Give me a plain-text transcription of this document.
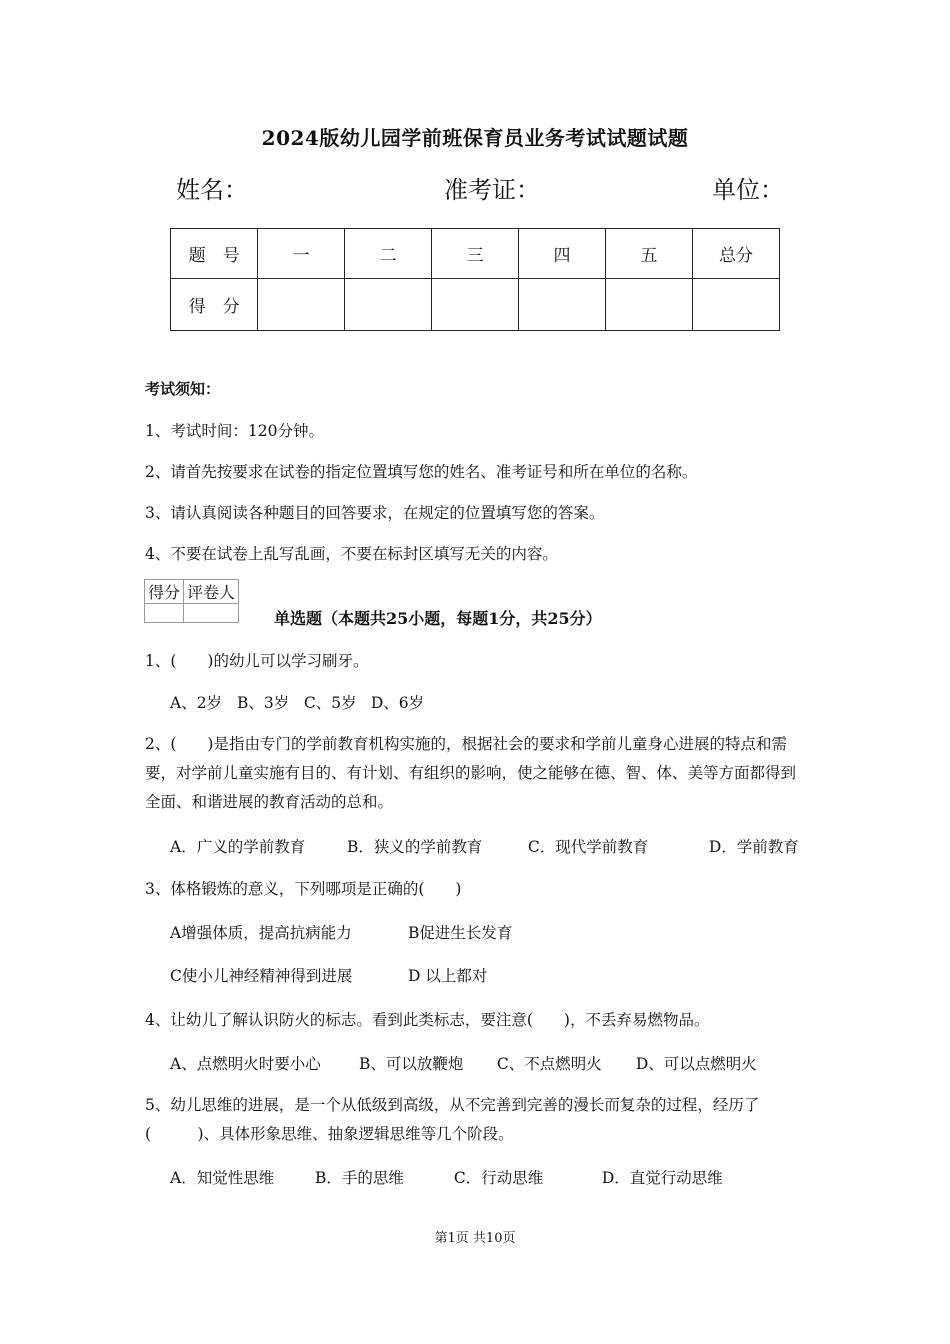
2024版幼儿园学前班保育员业务考试试题试题
姓名：	准考证：	单位：
题　号	一	二	三	四	五	总分
得　分						
考试须知：
1、考试时间：120分钟。
2、请首先按要求在试卷的指定位置填写您的姓名、准考证号和所在单位的名称。
3、请认真阅读各种题目的回答要求，在规定的位置填写您的答案。
4、不要在试卷上乱写乱画，不要在标封区填写无关的内容。
得分	评卷人

单选题（本题共25小题，每题1分，共25分）
1、(　　)的幼儿可以学习刷牙。
A、2岁 B、3岁 C、5岁 D、6岁
2、(　　)是指由专门的学前教育机构实施的，根据社会的要求和学前儿童身心进展的特点和需要，对学前儿童实施有目的、有计划、有组织的影响，使之能够在德、智、体、美等方面都得到全面、和谐进展的教育活动的总和。
A．广义的学前教育	B．狭义的学前教育	C．现代学前教育	D．学前教育
3、体格锻炼的意义，下列哪项是正确的(　　)
A增强体质，提高抗病能力	B促进生长发育
C使小儿神经精神得到进展	D 以上都对
4、让幼儿了解认识防火的标志。看到此类标志，要注意(　　)，不丢弃易燃物品。
A、点燃明火时要小心 B、可以放鞭炮 C、不点燃明火 D、可以点燃明火
5、幼儿思维的进展，是一个从低级到高级，从不完善到完善的漫长而复杂的过程，经历了(　　　)、具体形象思维、抽象逻辑思维等几个阶段。
A．知觉性思维	B．手的思维	C．行动思维	D．直觉行动思维
第1页 共10页
